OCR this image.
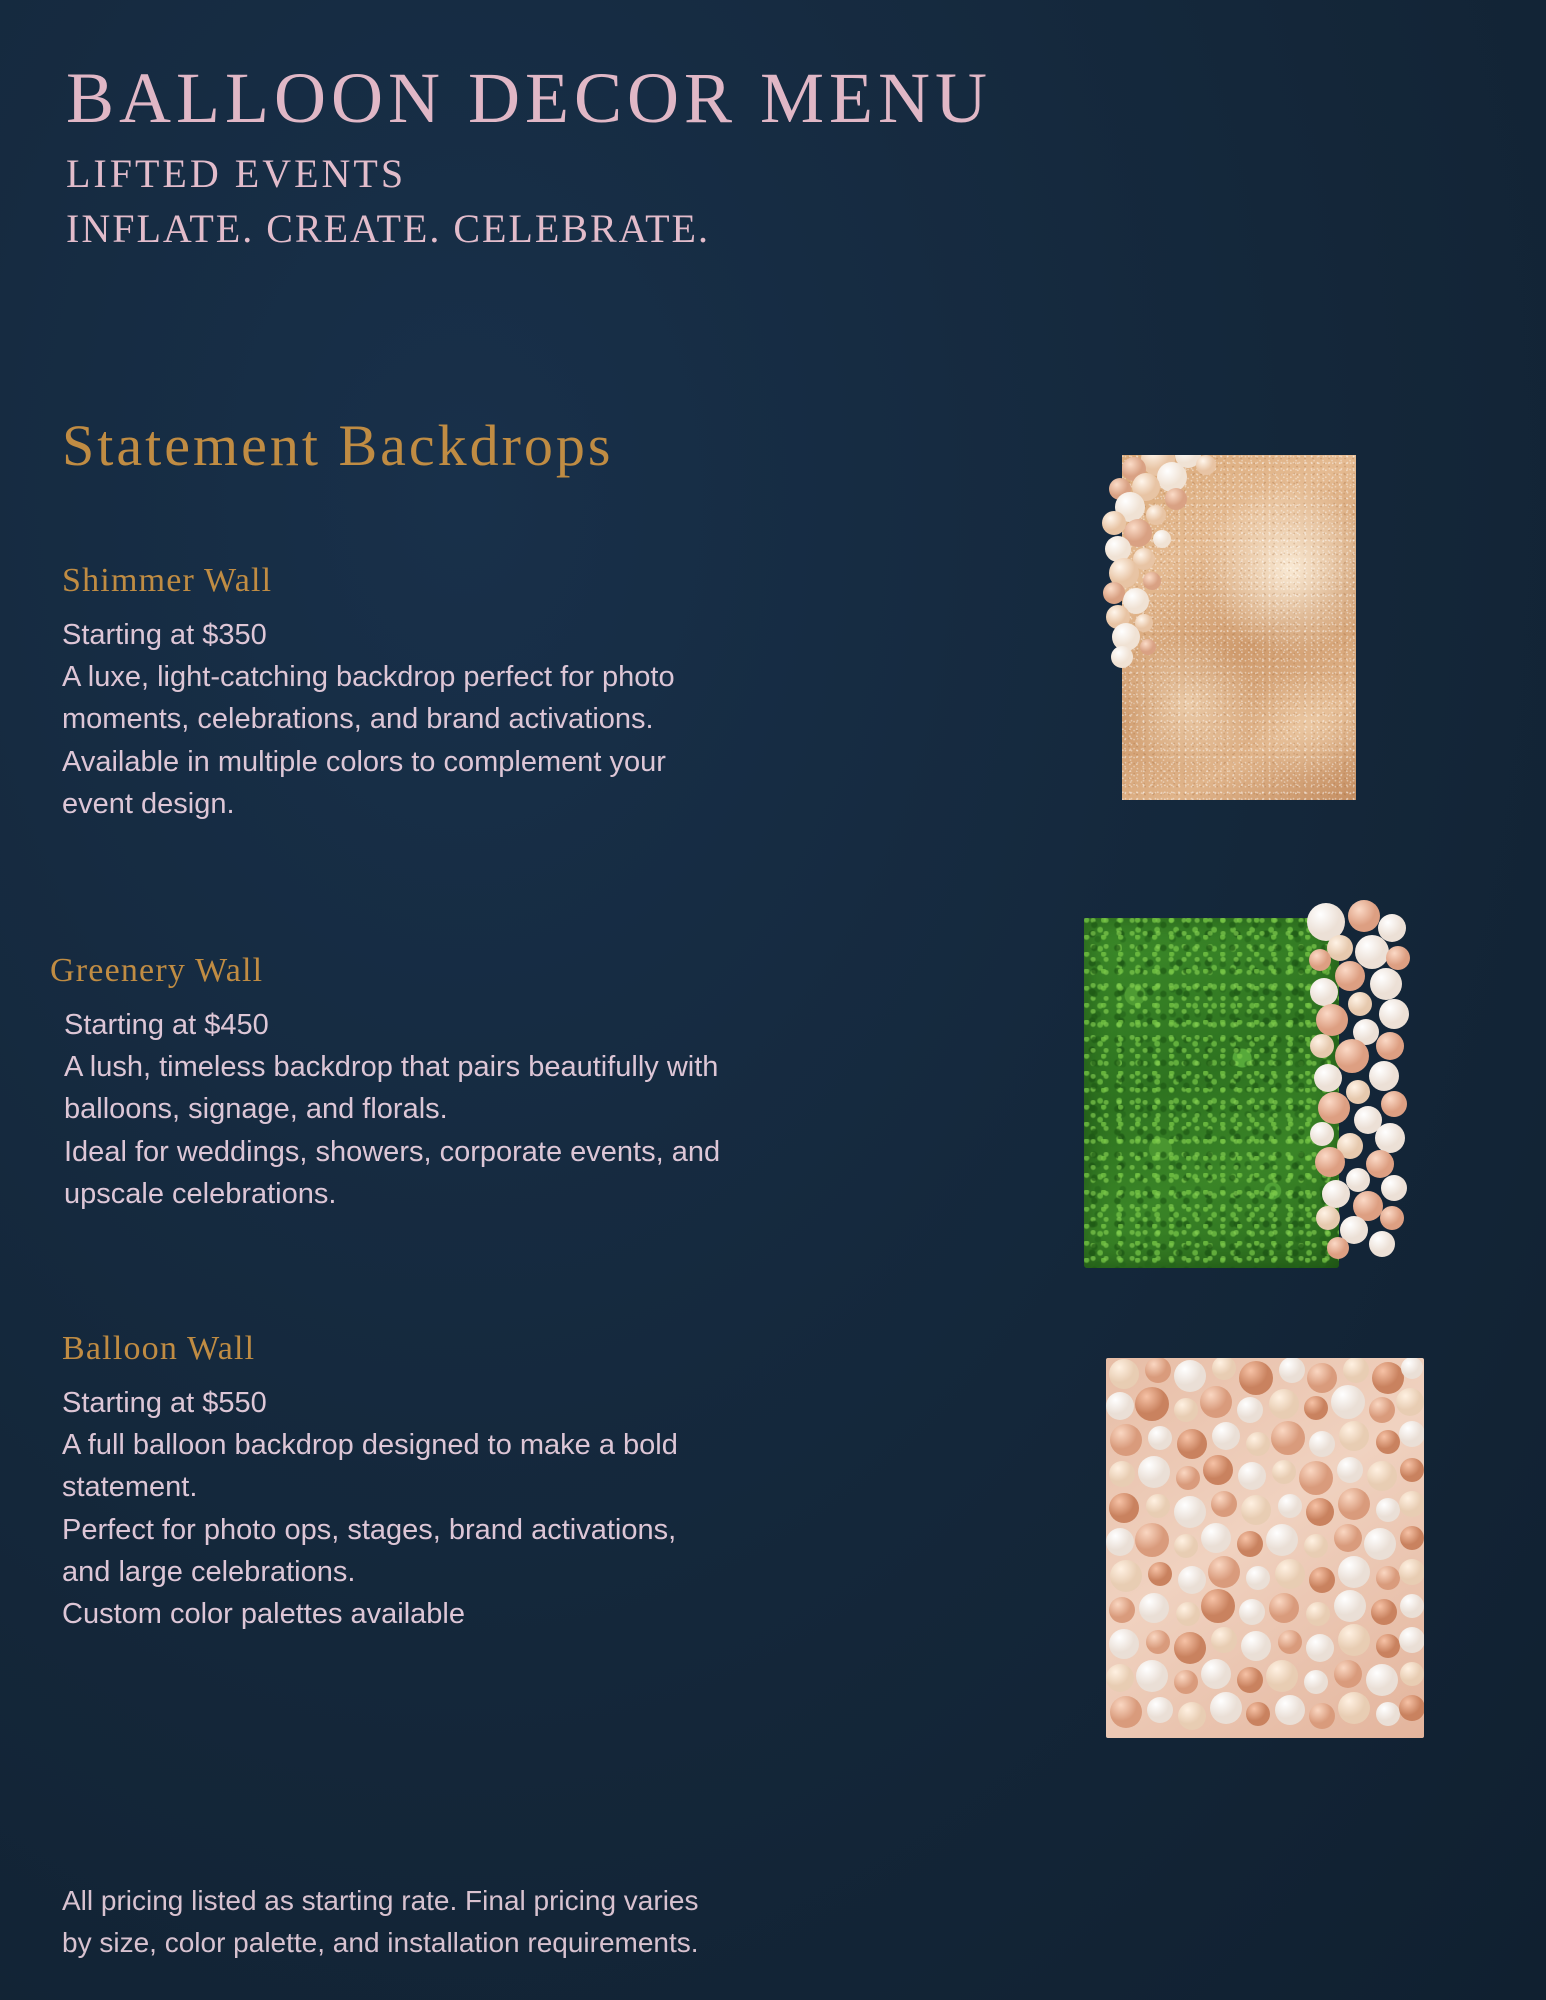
BALLOON DECOR MENU
LIFTED EVENTS
INFLATE. CREATE. CELEBRATE.
Statement Backdrops
Shimmer Wall

Starting at $350

A luxe, light-catching backdrop perfect for photo
moments, celebrations, and brand activations.
Available in multiple colors to complement your
event design.

Greenery Wall

Starting at $450

A lush, timeless backdrop that pairs beautifully with
balloons, signage, and florals.
Ideal for weddings, showers, corporate events, and
upscale celebrations.

Balloon Wall

Starting at $550

A full balloon backdrop designed to make a bold
statement.
Perfect for photo ops, stages, brand activations,
and large celebrations.
Custom color palettes available

All pricing listed as starting rate. Final pricing varies
by size, color palette, and installation requirements.
